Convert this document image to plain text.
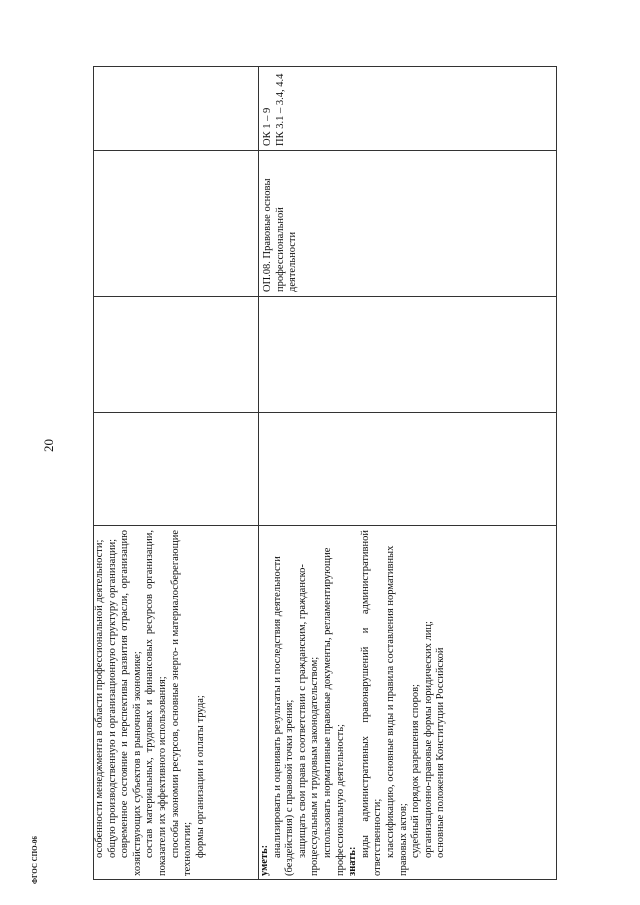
20
ФГОС СПО-06

особенности менеджмента в области профессиональной деятельности; общую производственную и организационную структуру организации; современное состояние и перспективы развития отрасли, организацию хозяйствующих субъектов в рыночной экономике; состав материальных, трудовых и финансовых ресурсов организации, показатели их эффективного использования; способы экономии ресурсов, основные энерго- и материалосберегающие технологии; формы организации и оплаты труда;

уметь:

анализировать и оценивать результаты и последствия деятельности (бездействия) с правовой точки зрения; защищать свои права в соответствии с гражданским, гражданско-процессуальным и трудовым законодательством; использовать нормативные правовые документы, регламентирующие профессиональную деятельность; знать:

виды административных правонарушений и административной ответственности; классификацию, основные виды и правила составления нормативных правовых актов; судебный порядок разрешения споров; организационно-правовые формы юридических лиц; основные положения Конституции Российской

ОП.08. Правовые основы профессиональной деятельности

ОК 1 – 9 ПК 3.1 – 3.4, 4.4
